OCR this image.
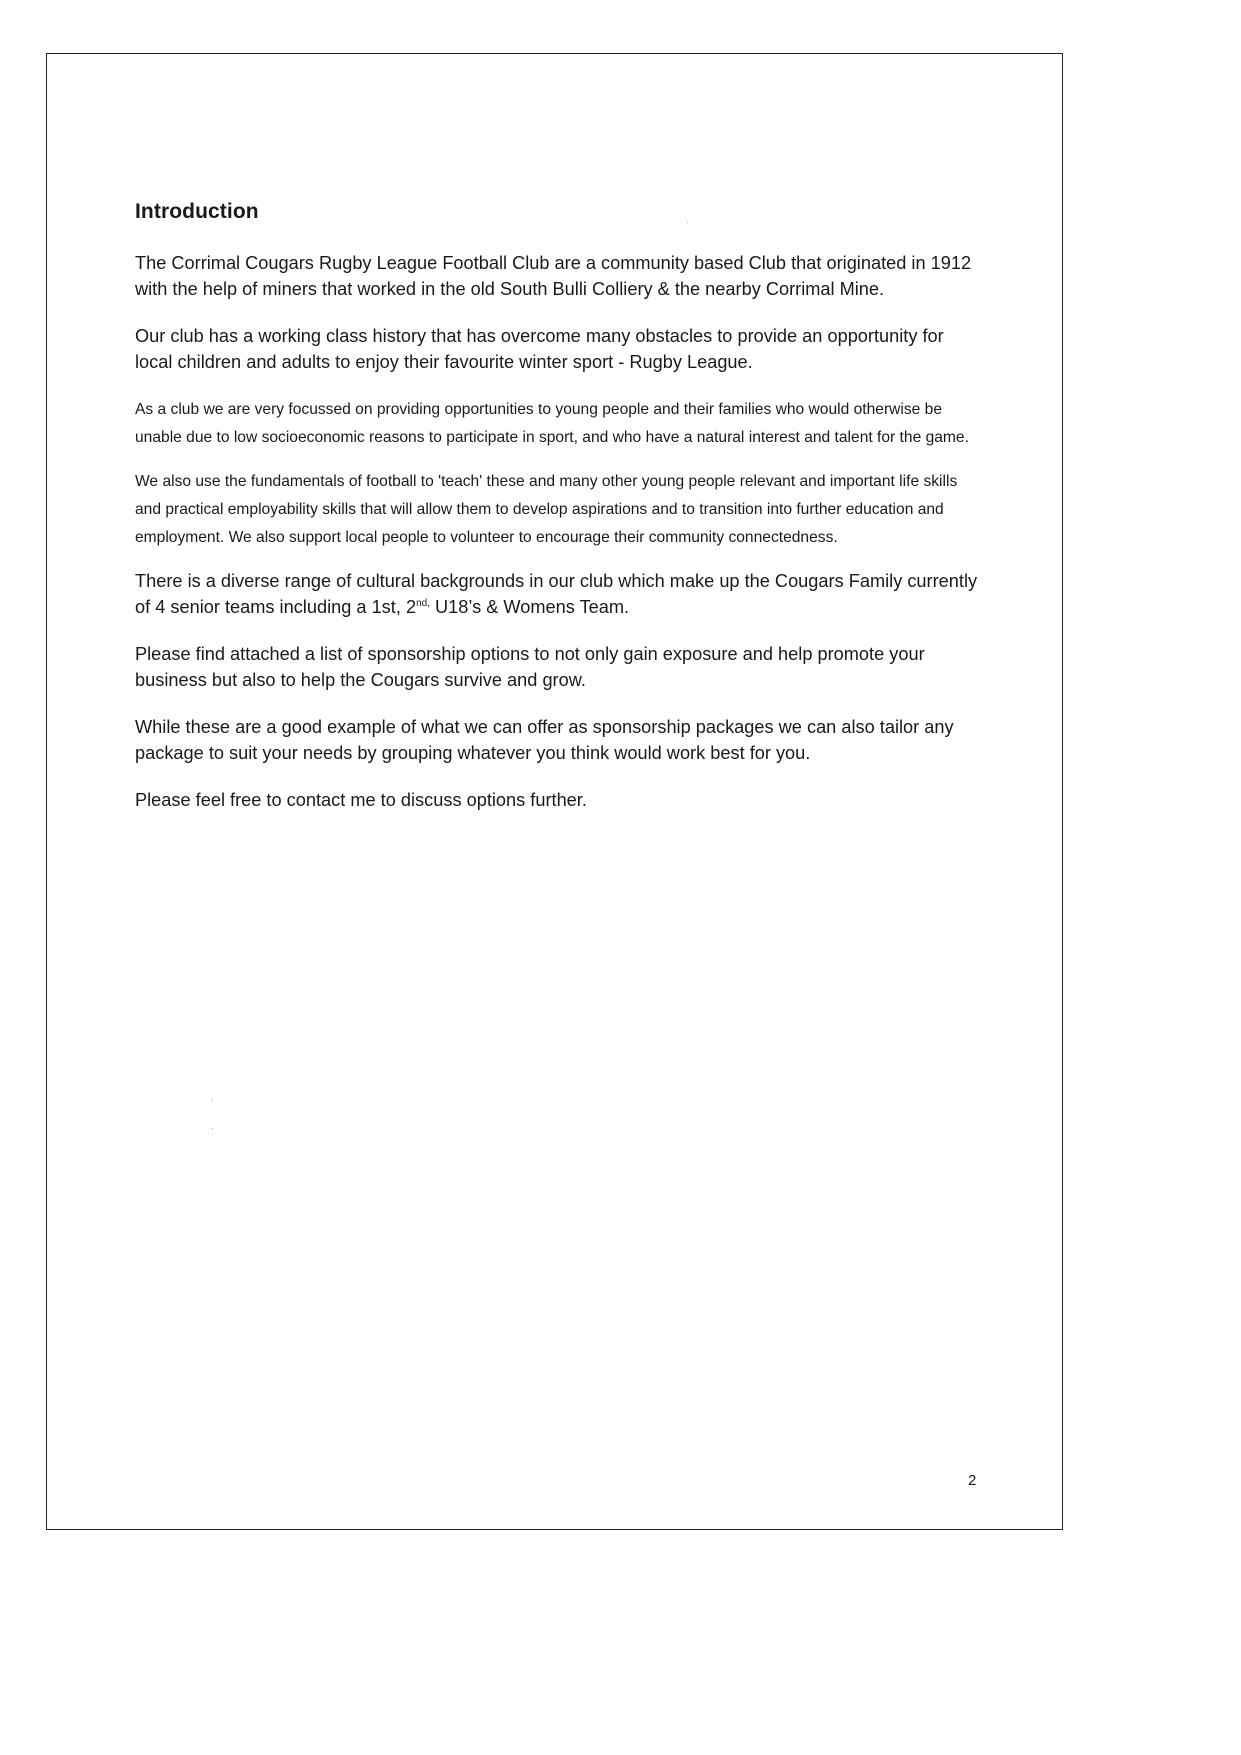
Introduction

The Corrimal Cougars Rugby League Football Club are a community based Club that originated in 1912 with the help of miners that worked in the old South Bulli Colliery & the nearby Corrimal Mine.

Our club has a working class history that has overcome many obstacles to provide an opportunity for local children and adults to enjoy their favourite winter sport - Rugby League.

As a club we are very focussed on providing opportunities to young people and their families who would otherwise be unable due to low socioeconomic reasons to participate in sport, and who have a natural interest and talent for the game.

We also use the fundamentals of football to 'teach' these and many other young people relevant and important life skills and practical employability skills that will allow them to develop aspirations and to transition into further education and employment. We also support local people to volunteer to encourage their community connectedness.

There is a diverse range of cultural backgrounds in our club which make up the Cougars Family currently of 4 senior teams including a 1st, $2^{nd,}$ U18’s & Womens Team.

Please find attached a list of sponsorship options to not only gain exposure and help promote your business but also to help the Cougars survive and grow.

While these are a good example of what we can offer as sponsorship packages we can also tailor any package to suit your needs by grouping whatever you think would work best for you.

Please feel free to contact me to discuss options further.

2
